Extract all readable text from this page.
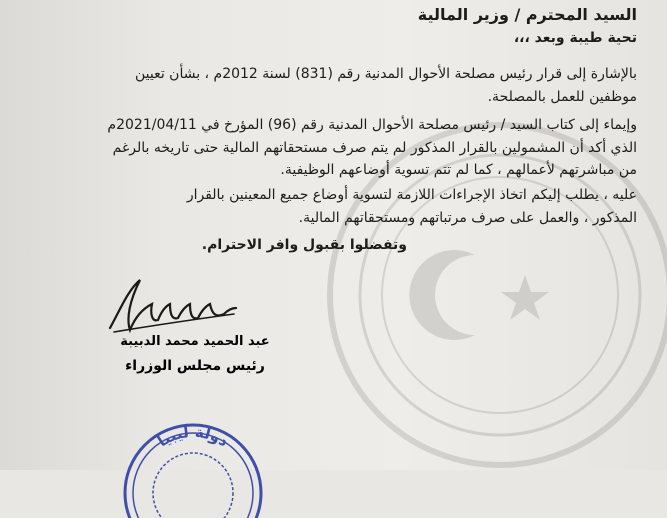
السيد المحترم / وزير المالية
تحية طيبة وبعد ،،،
بالإشارة إلى قرار رئيس مصلحة الأحوال المدنية رقم (831) لسنة 2012م ، بشأن تعيين
موظفين للعمل بالمصلحة.
وإيماء إلى كتاب السيد / رئيس مصلحة الأحوال المدنية رقم (96) المؤرخ في 2021/04/11م
الذي أكد أن المشمولين بالقرار المذكور لم يتم صرف مستحقاتهم المالية حتى تاريخه بالرغم
من مباشرتهم لأعمالهم ، كما لم تتم تسوية أوضاعهم الوظيفية.
عليه ، يطلب إليكم اتخاذ الإجراءات اللازمة لتسوية أوضاع جميع المعينين بالقرار
المذكور ، والعمل على صرف مرتباتهم ومستحقاتهم المالية.
وتفضلوا بقبول وافر الاحترام.
عبد الحميد محمد الدبيبة
رئيس مجلس الوزراء
دولة ليبيا
